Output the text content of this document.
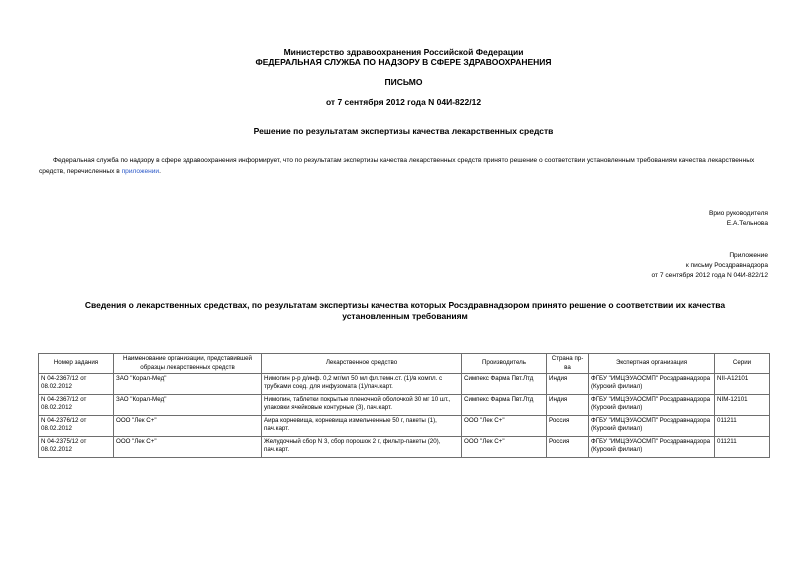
Министерство здравоохранения Российской Федерации
ФЕДЕРАЛЬНАЯ СЛУЖБА ПО НАДЗОРУ В СФЕРЕ ЗДРАВООХРАНЕНИЯ
ПИСЬМО
от 7 сентября 2012 года N 04И-822/12
Решение по результатам экспертизы качества лекарственных средств
Федеральная служба по надзору в сфере здравоохранения информирует, что по результатам экспертизы качества лекарственных средств принято решение о соответствии установленным требованиям качества лекарственных средств, перечисленных в приложении.
Врио руководителя
Е.А.Тельнова
Приложение
к письму Росздравнадзора
от 7 сентября 2012 года N 04И-822/12
Сведения о лекарственных средствах, по результатам экспертизы качества которых Росздравнадзором принято решение о соответствии их качества установленным требованиям
Номер задания	Наименование организации, представившей образцы лекарственных средств	Лекарственное средство	Производитель	Страна пр-ва	Экспертная организация	Серии
N 04-2367/12 от 08.02.2012	ЗАО "Корал-Мед"	Нимопин р-р д/инф. 0,2 мг/мл 50 мл фл.темн.ст. (1)/в компл. с трубками соед. для инфузомата (1)/пач.карт.	Симпекс Фарма Пвт.Лтд	Индия	ФГБУ "ИМЦЭУАОСМП" Росздравнадзора (Курский филиал)	NII-A12101
N 04-2367/12 от 08.02.2012	ЗАО "Корал-Мед"	Нимопин, таблетки покрытые пленочной оболочкой 30 мг 10 шт., упаковки ячейковые контурные (3), пач.карт.	Симпекс Фарма Пвт.Лтд	Индия	ФГБУ "ИМЦЭУАОСМП" Росздравнадзора (Курский филиал)	NIM-12101
N 04-2376/12 от 08.02.2012	ООО "Лек С+"	Аира корневища, корневища измельченные 50 г, пакеты (1), пач.карт.	ООО "Лек С+"	Россия	ФГБУ "ИМЦЭУАОСМП" Росздравнадзора (Курский филиал)	011211
N 04-2375/12 от 08.02.2012	ООО "Лек С+"	Желудочный сбор N 3, сбор порошок 2 г, фильтр-пакеты (20), пач.карт.	ООО "Лек С+"	Россия	ФГБУ "ИМЦЭУАОСМП" Росздравнадзора (Курский филиал)	011211
